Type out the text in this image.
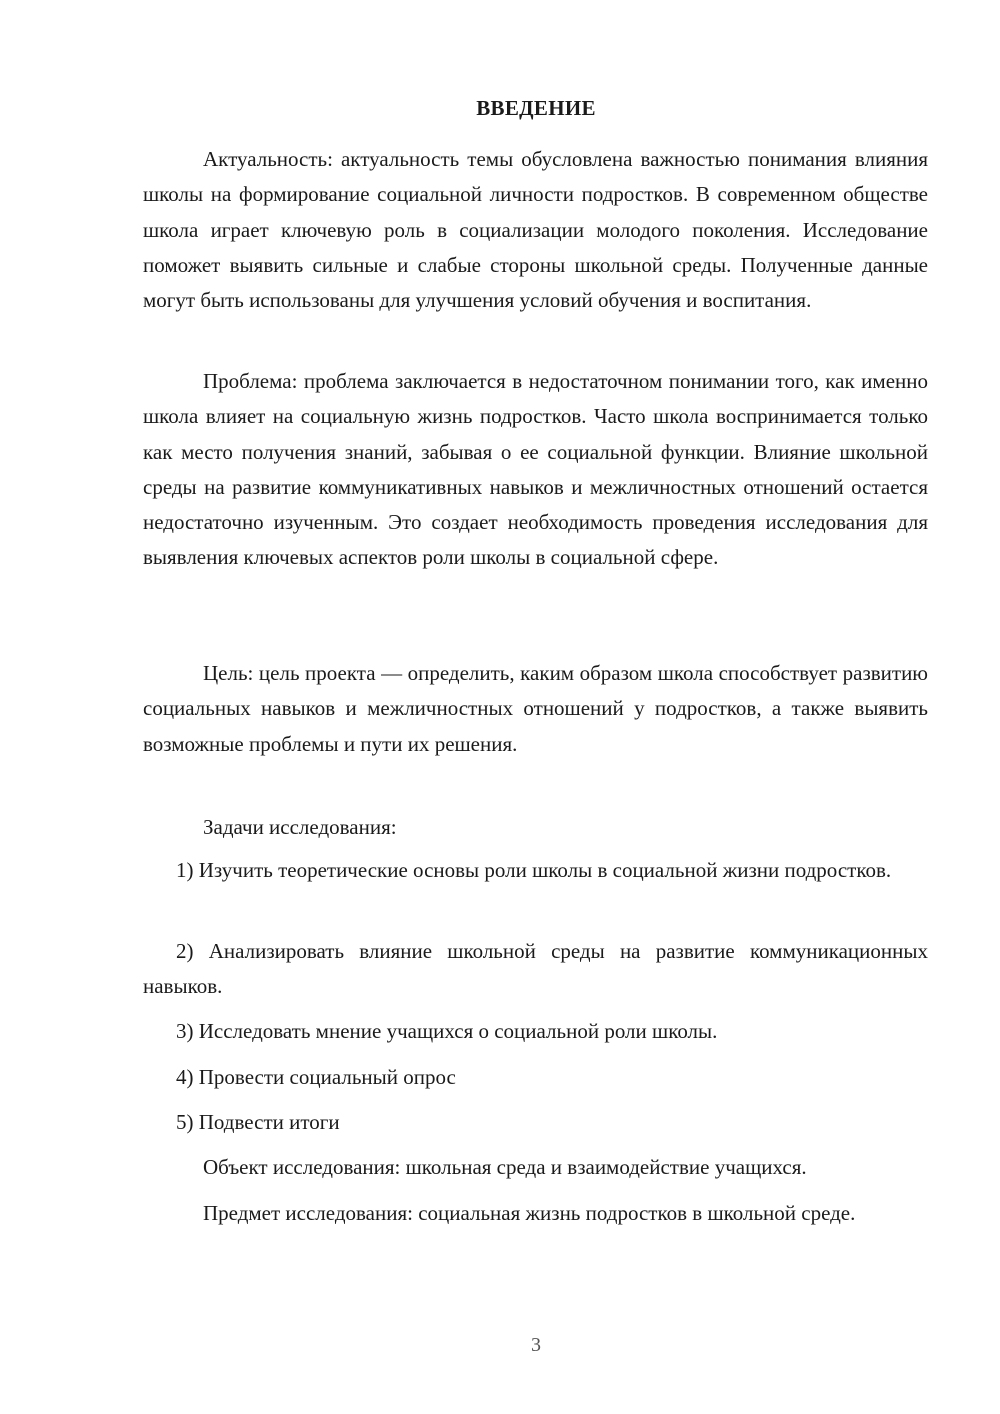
ВВЕДЕНИЕ

Актуальность: актуальность темы обусловлена важностью понимания влияния школы на формирование социальной личности подростков. В современном обществе школа играет ключевую роль в социализации молодого поколения. Исследование поможет выявить сильные и слабые стороны школьной среды. Полученные данные могут быть использованы для улучшения условий обучения и воспитания.

Проблема: проблема заключается в недостаточном понимании того, как именно школа влияет на социальную жизнь подростков. Часто школа воспринимается только как место получения знаний, забывая о ее социальной функции. Влияние школьной среды на развитие коммуникативных навыков и межличностных отношений остается недостаточно изученным. Это создает необходимость проведения исследования для выявления ключевых аспектов роли школы в социальной сфере.

Цель: цель проекта — определить, каким образом школа способствует развитию социальных навыков и межличностных отношений у подростков, а также выявить возможные проблемы и пути их решения.

Задачи исследования:

1) Изучить теоретические основы роли школы в социальной жизни подростков.

2) Анализировать влияние школьной среды на развитие коммуникационных навыков.

3) Исследовать мнение учащихся о социальной роли школы.

4) Провести социальный опрос

5) Подвести итоги

Объект исследования: школьная среда и взаимодействие учащихся.

Предмет исследования: социальная жизнь подростков в школьной среде.

3
